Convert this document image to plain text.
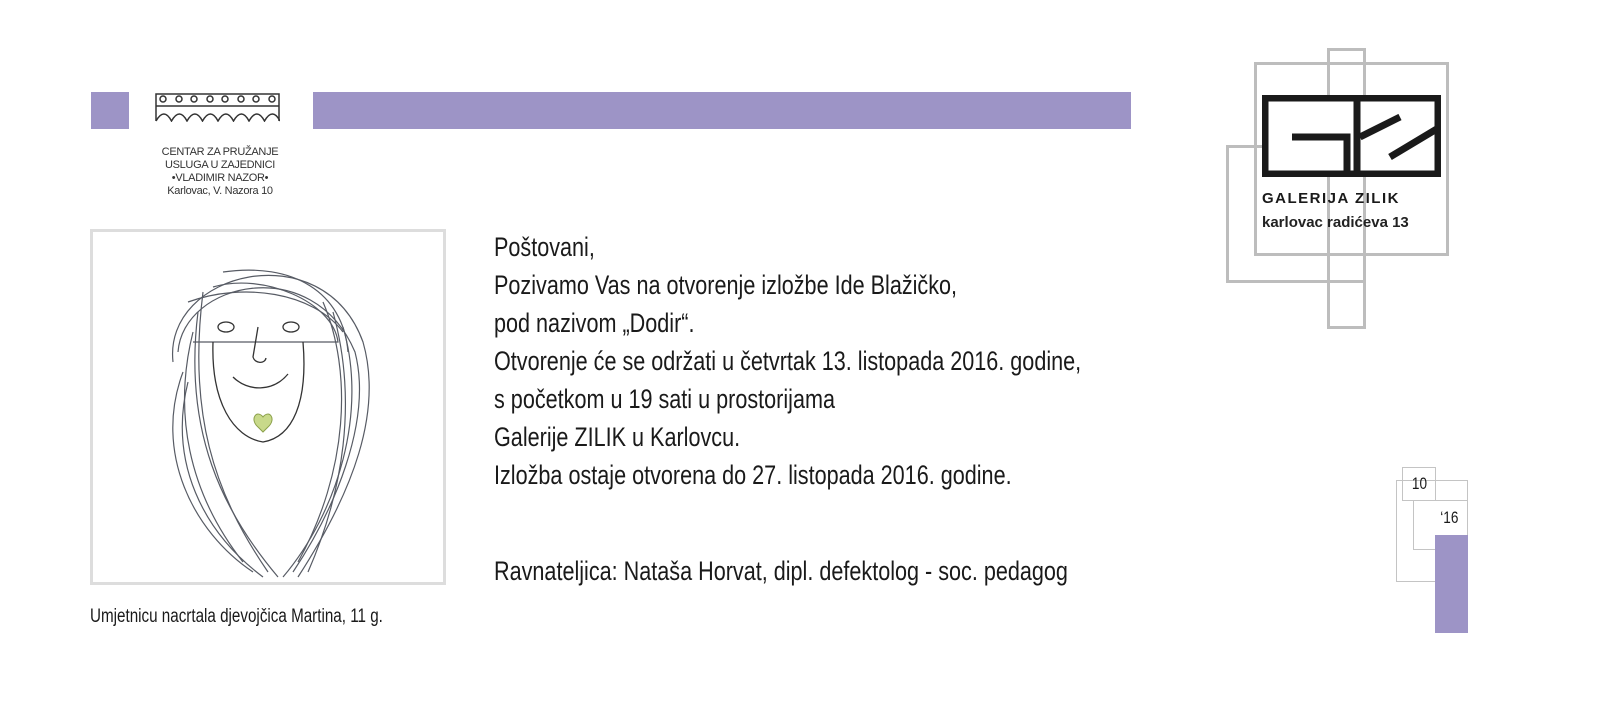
CENTAR ZA PRUŽANJE
USLUGA U ZAJEDNICI
•VLADIMIR NAZOR•
Karlovac, V. Nazora 10	GALERIJA ZILIK
karlovac radićeva 13
Umjetnicu nacrtala djevojčica Martina, 11 g.
Poštovani,
Pozivamo Vas na otvorenje izložbe Ide Blažičko,
pod nazivom „Dodir“.
Otvorenje će se održati u četvrtak 13. listopada 2016. godine,
s početkom u 19 sati u prostorijama
Galerije ZILIK u Karlovcu.
Izložba ostaje otvorena do 27. listopada 2016. godine.
Ravnateljica: Nataša Horvat, dipl. defektolog - soc. pedagog
10
‘16
